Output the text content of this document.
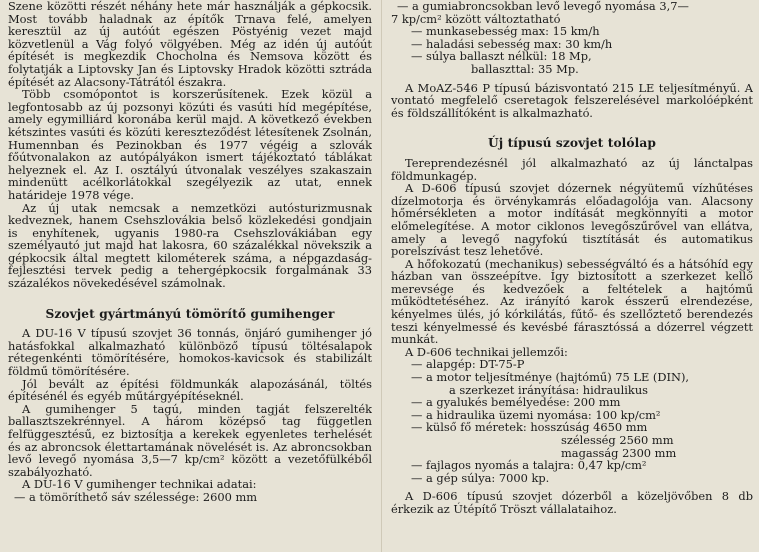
Szene közötti részét néhány hete már használják a gépkocsik. Most tovább haladnak az építők Trnava felé, amelyen keresztül az új autóút egészen Pöstyénig vezet majd közvetlenül a Vág folyó völgyében. Még az idén új autóút építését is megkezdik Chocholna és Nemsova között és folytatják a Liptovsky Jan és Liptovsky Hradok közötti sztráda építését az Alacsony-Tátrától északra.

Több csomópontot is korszerűsítenek. Ezek közül a legfontosabb az új pozsonyi közúti és vasúti híd megépítése, amely egymilliárd koronába kerül majd. A következő években kétszintes vasúti és közúti kereszteződést létesítenek Zsolnán, Humennban és Pezinokban és 1977 végéig a szlovák főútvonalakon az autópályákon ismert tájékoztató táblákat helyeznek el. Az I. osztályú útvonalak veszélyes szakaszain mindenütt acélkorlátokkal szegélyezik az utat, ennek határideje 1978 vége.

Az új utak nemcsak a nemzetközi autósturizmusnak kedveznek, hanem Csehszlovákia belső közlekedési gondjain is enyhítenek, ugyanis 1980-ra Csehszlovákiában egy személyautó jut majd hat lakosra, 60 százalékkal növekszik a gépkocsik által megtett kilométerek száma, a népgazdaság-fejlesztési tervek pedig a tehergépkocsik forgalmának 33 százalékos növekedésével számolnak.

Szovjet gyártmányú tömörítő gumihenger

A DU-16 V típusú szovjet 36 tonnás, önjáró gumihenger jó hatásfokkal alkalmazható különböző típusú töltésalapok rétegenkénti tömörítésére, homokos-kavicsok és stabilizált földmű tömörítésére.

Jól bevált az építési földmunkák alapozásánál, töltés építésénél és egyéb műtárgyépítéseknél.

A gumihenger 5 tagú, minden tagját felszerelték ballasztszekrénnyel. A három középső tag független felfüggesztésű, ez biztosítja a kerekek egyenletes terhelését és az abroncsok élettartamának növelését is. Az abroncsokban levő levegő nyomása 3,5—7 kp/cm² között a vezetőfülkéből szabályozható.

A DU-16 V gumihenger technikai adatai:

— a tömöríthető sáv szélessége: 2600 mm

— a gumiabroncsokban levő levegő nyomása 3,7—

7 kp/cm² között változtatható

— munkasebesség max: 15 km/h

— haladási sebesség max: 30 km/h

— súlya ballaszt nélkül: 18 Mp,

ballaszttal: 35 Mp.

A MoAZ-546 P típusú bázisvontató 215 LE teljesítményű. A vontató megfelelő cseretagok felszerelésével markolóépként és földszállítóként is alkalmazható.

Új típusú szovjet tolólap

Tereprendezésnél jól alkalmazható az új lánctalpas földmunkagép.

A D-606 típusú szovjet dózernek négyütemű vízhűtéses dízelmotorja és örvénykamrás előadagolója van. Alacsony hőmérsékleten a motor indítását megkönnyíti a motor előmelegítése. A motor ciklonos levegőszűrővel van ellátva, amely a levegő nagyfokú tisztítását és automatikus porelszívást tesz lehetővé.

A hőfokozatú (mechanikus) sebességváltó és a hátsóhíd egy házban van összeépítve. Így biztosított a szerkezet kellő merevsége és kedvezőek a feltételek a hajtómű működtetéséhez. Az irányító karok ésszerű elrendezése, kényelmes ülés, jó kórkilátás, fűtő- és szellőztető berendezés teszi kényelmessé és kevésbé fárasztóssá a dózerrel végzett munkát.

A D-606 technikai jellemzői:

— alapgép: DT-75-P

— a motor teljesítménye (hajtómű) 75 LE (DIN),

a szerkezet irányítása: hidraulikus

— a gyalukés bemélyedése: 200 mm

— a hidraulika üzemi nyomása: 100 kp/cm²

— külső fő méretek: hosszúság 4650 mm

szélesség 2560 mm

magasság 2300 mm

— fajlagos nyomás a talajra: 0,47 kp/cm²

— a gép súlya: 7000 kp.

A D-606 típusú szovjet dózerből a közeljövőben 8 db érkezik az Útépítő Tröszt vállalataihoz.
